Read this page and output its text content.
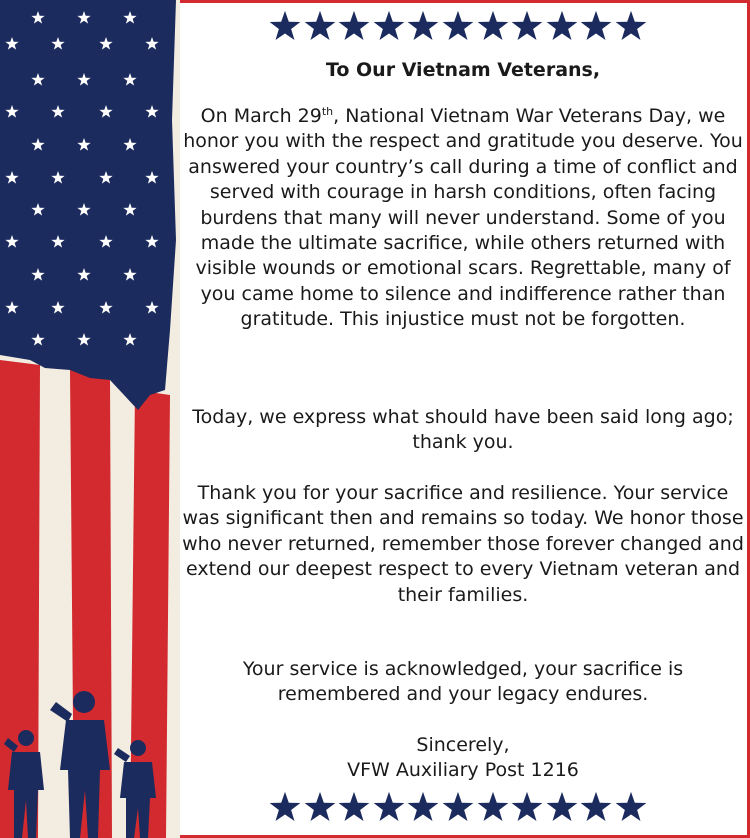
To Our Vietnam Veterans,

On March 29th, National Vietnam War Veterans Day, we honor you with the respect and gratitude you deserve. You answered your country’s call during a time of conflict and served with courage in harsh conditions, often facing burdens that many will never understand. Some of you made the ultimate sacrifice, while others returned with visible wounds or emotional scars. Regrettable, many of you came home to silence and indifference rather than gratitude. This injustice must not be forgotten.

Today, we express what should have been said long ago; thank you.

Thank you for your sacrifice and resilience. Your service was significant then and remains so today. We honor those who never returned, remember those forever changed and extend our deepest respect to every Vietnam veteran and their families.

Your service is acknowledged, your sacrifice is remembered and your legacy endures.

Sincerely,
VFW Auxiliary Post 1216
